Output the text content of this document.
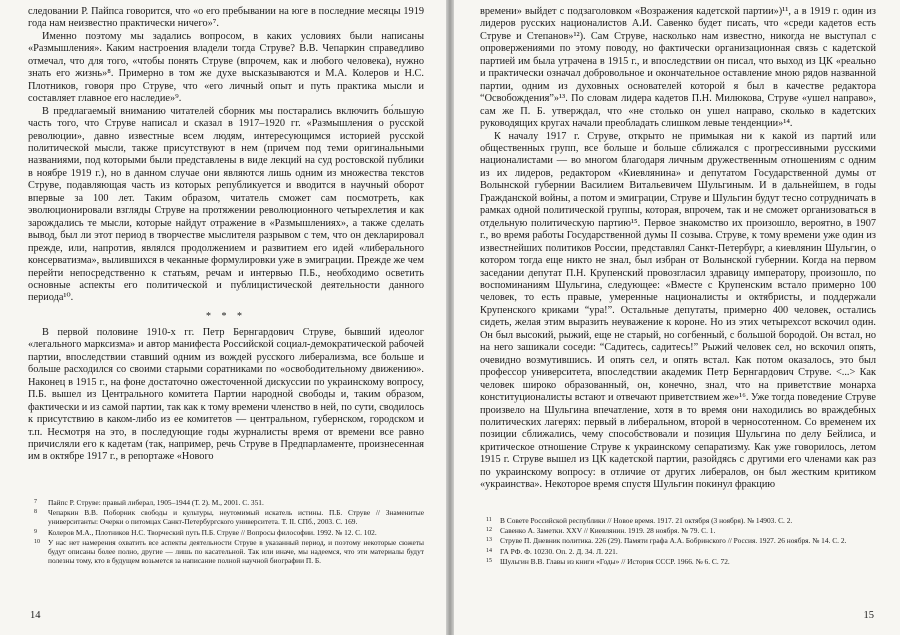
следовании Р. Пайпса говорится, что «о его пребывании на юге в последние месяцы 1919 года нам неизвестно практически ничего»⁷.

Именно поэтому мы задались вопросом, в каких условиях были написаны «Размышления». Каким настроения владели тогда Струве? В.В. Чепаркин справедливо отмечал, что для того, «чтобы понять Струве (впрочем, как и любого человека), нужно знать его жизнь»⁸. Примерно в том же духе высказываются и М.А. Колеров и Н.С. Плотников, говоря про Струве, что «его личный опыт и путь практика мысли и составляет главное его наследие»⁹.

В предлагаемый вниманию читателей сборник мы постарались включить бо́льшую часть того, что Струве написал и сказал в 1917–1920 гг. «Размышления о русской революции», давно известные всем людям, интересующимся историей русской политической мысли, также присутствуют в нем (причем под теми оригинальными названиями, под которыми были представлены в виде лекций на суд ростовской публики в ноябре 1919 г.), но в данном случае они являются лишь одним из множества текстов Струве, подавляющая часть из которых републикуется и вводится в научный оборот впервые за 100 лет. Таким образом, читатель сможет сам посмотреть, как эволюционировали взгляды Струве на протяжении революционного четырехлетия и как зарождались те мысли, которые найдут отражение в «Размышлениях», а также сделать вывод, был ли этот период в творчестве мыслителя разрывом с тем, что он декларировал прежде, или, напротив, являлся продолжением и развитием его идей «либерального консерватизма», вылившихся в чеканные формулировки уже в эмиграции. Прежде же чем перейти непосредственно к статьям, речам и интервью П.Б., необходимо осветить основные аспекты его политической и публицистической деятельности данного периода¹⁰.

* * *

В первой половине 1910-х гг. Петр Бернгардович Струве, бывший идеолог «легального марксизма» и автор манифеста Российской социал-демократической рабочей партии, впоследствии ставший одним из вождей русского либерализма, все больше и больше расходился со своими старыми соратниками по «освободительному движению». Наконец в 1915 г., на фоне достаточно ожесточенной дискуссии по украинскому вопросу, П.Б. вышел из Центрального комитета Партии народной свободы и, таким образом, фактически и из самой партии, так как к тому времени членство в ней, по сути, сводилось к присутствию в каком-либо из ее комитетов — центральном, губернском, городском и т.п. Несмотря на это, в последующие годы журналисты время от времени все равно причисляли его к кадетам (так, например, речь Струве в Предпарламенте, произнесенная им в октябре 1917 г., в репортаже «Нового

7	Пайпс Р. Струве: правый либерал, 1905–1944 (Т. 2). М., 2001. С. 351.
8	Чепаркин В.В. Поборник свободы и культуры, неутомимый искатель истины. П.Б. Струве // Знаменитые университанты: Очерки о питомцах Санкт-Петербургского университета. Т. II. СПб., 2003. С. 169.
9	Колеров М.А., Плотников Н.С. Творческий путь П.Б. Струве // Вопросы философии. 1992. № 12. С. 102.
10	У нас нет намерения охватить все аспекты деятельности Струве в указанный период, и поэтому некоторые сюжеты будут описаны более полно, другие — лишь по касательной. Так или иначе, мы надеемся, что эти материалы будут полезны тому, кто в будущем возьмется за написание полной научной биографии П. Б.
14

времени» выйдет с подзаголовком «Возражения кадетской партии»)¹¹, а в 1919 г. один из лидеров русских националистов А.И. Савенко будет писать, что «среди кадетов есть Струве и Степанов»¹²). Сам Струве, насколько нам известно, никогда не выступал с опровержениями по этому поводу, но фактически организационная связь с кадетской партией им была утрачена в 1915 г., и впоследствии он писал, что выход из ЦК «реально и практически означал добровольное и окончательное оставление мною рядов названной партии, одним из духовных основателей которой я был в качестве редактора “Освобождения”»¹³. По словам лидера кадетов П.Н. Милюкова, Струве «ушел направо», сам же П. Б. утверждал, что «не столько он ушел направо, сколько в кадетских руководящих кругах начали преобладать слишком левые тенденции»¹⁴.

К началу 1917 г. Струве, открыто не примыкая ни к какой из партий или общественных групп, все больше и больше сближался с прогрессивными русскими националистами — во многом благодаря личным дружественным отношениям с одним из их лидеров, редактором «Киевлянина» и депутатом Государственной думы от Волынской губернии Василием Витальевичем Шульгиным. И в дальнейшем, в годы Гражданской войны, а потом и эмиграции, Струве и Шульгин будут тесно сотрудничать в рамках одной политической группы, которая, впрочем, так и не сможет организоваться в отдельную политическую партию¹⁵. Первое знакомство их произошло, вероятно, в 1907 г., во время работы Государственной думы II созыва. Струве, к тому времени уже один из известнейших политиков России, представлял Санкт-Петербург, а киевлянин Шульгин, о котором тогда еще никто не знал, был избран от Волынской губернии. Когда на первом заседании депутат П.Н. Крупенский провозгласил здравицу императору, произошло, по воспоминаниям Шульгина, следующее: «Вместе с Крупенским встало примерно 100 человек, то есть правые, умеренные националисты и октябристы, и поддержали Крупенского криками “ура!”. Остальные депутаты, примерно 400 человек, остались сидеть, желая этим выразить неуважение к короне. Но из этих четырехсот вскочил один. Он был высокий, рыжий, еще не старый, но согбенный, с большой бородой. Он встал, но на него зашикали соседи: “Садитесь, садитесь!” Рыжий человек сел, но вскочил опять, очевидно возмутившись. И опять сел, и опять встал. Как потом оказалось, это был профессор университета, впоследствии академик Петр Бернгардович Струве. <...> Как человек широко образованный, он, конечно, знал, что на приветствие монарха конституционалисты встают и отвечают приветствием же»¹⁶. Уже тогда поведение Струве произвело на Шульгина впечатление, хотя в то время они находились во враждебных политических лагерях: первый в либеральном, второй в черносотенном. Со временем их позиции сближались, чему способствовали и позиция Шульгина по делу Бейлиса, и критическое отношение Струве к украинскому сепаратизму. Как уже говорилось, летом 1915 г. Струве вышел из ЦК кадетской партии, разойдясь с другими его членами как раз по украинскому вопросу: в отличие от других либералов, он был жестким критиком «украинства». Некоторое время спустя Шульгин покинул фракцию

11	В Совете Российской республики // Новое время. 1917. 21 октября (3 ноября). № 14903. С. 2.
12	Савенко А. Заметки. XXV // Киевлянин. 1919. 28 ноября. № 79. С. 1.
13	Струве П. Дневник политика. 226 (29). Памяти графа А.А. Бобринского // Россия. 1927. 26 ноября. № 14. С. 2.
14	ГА РФ. Ф. 10230. Оп. 2. Д. 34. Л. 221.
15	Шульгин В.В. Главы из книги «Годы» // История СССР. 1966. № 6. С. 72.
15
